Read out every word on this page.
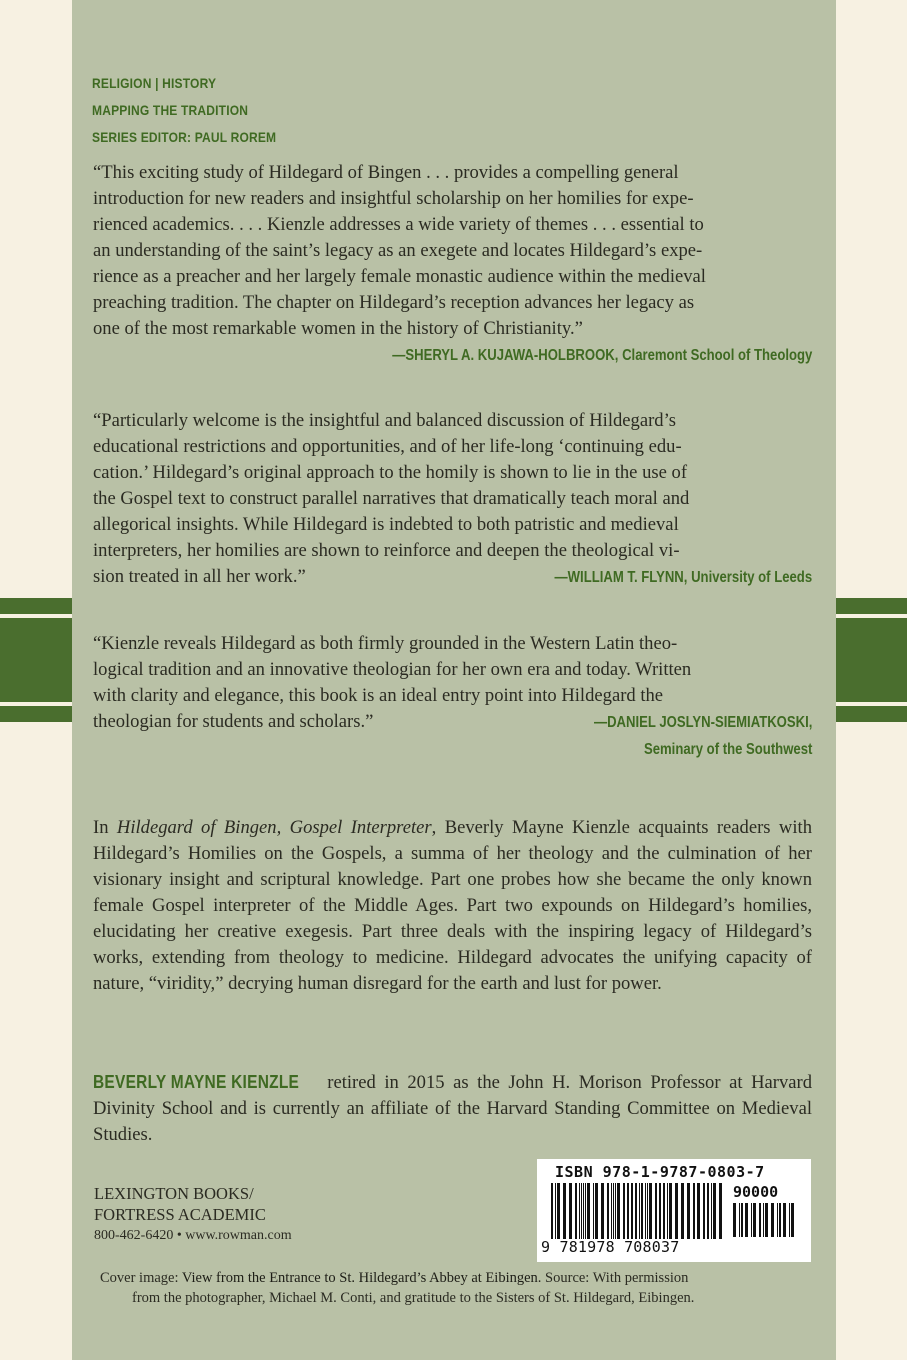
RELIGION | HISTORY
MAPPING THE TRADITION
SERIES EDITOR: PAUL ROREM
“This exciting study of Hildegard of Bingen . . . provides a compelling general
introduction for new readers and insightful scholarship on her homilies for expe-
rienced academics. . . . Kienzle addresses a wide variety of themes . . . essential to
an understanding of the saint’s legacy as an exegete and locates Hildegard’s expe-
rience as a preacher and her largely female monastic audience within the medieval
preaching tradition. The chapter on Hildegard’s reception advances her legacy as
one of the most remarkable women in the history of Christianity.”
—SHERYL A. KUJAWA-HOLBROOK, Claremont School of Theology
“Particularly welcome is the insightful and balanced discussion of Hildegard’s
educational restrictions and opportunities, and of her life-long ‘continuing edu-
cation.’ Hildegard’s original approach to the homily is shown to lie in the use of
the Gospel text to construct parallel narratives that dramatically teach moral and
allegorical insights. While Hildegard is indebted to both patristic and medieval
interpreters, her homilies are shown to reinforce and deepen the theological vi-
sion treated in all her work.”	—WILLIAM T. FLYNN, University of Leeds
“Kienzle reveals Hildegard as both firmly grounded in the Western Latin theo-
logical tradition and an innovative theologian for her own era and today. Written
with clarity and elegance, this book is an ideal entry point into Hildegard the
theologian for students and scholars.”	—DANIEL JOSLYN-SIEMIATKOSKI,
Seminary of the Southwest

In Hildegard of Bingen, Gospel Interpreter, Beverly Mayne Kienzle acquaints readers with Hildegard’s Homilies on the Gospels, a summa of her theology and the culmination of her visionary insight and scriptural knowledge. Part one probes how she became the only known female Gospel interpreter of the Middle Ages. Part two expounds on Hildegard’s homilies, elucidating her creative exegesis. Part three deals with the inspiring legacy of Hildegard’s works, extending from theology to medicine. Hildegard advocates the unifying capacity of nature, “viridity,” decrying human disregard for the earth and lust for power.

BEVERLY MAYNE KIENZLE retired in 2015 as the John H. Morison Professor at Harvard Divinity School and is currently an affiliate of the Harvard Standing Committee on Medieval Studies.

LEXINGTON BOOKS/
FORTRESS ACADEMIC
800-462-6420 • www.rowman.com
ISBN 978-1-9787-0803-7
90000
9 781978 708037
Cover image: View from the Entrance to St. Hildegard’s Abbey at Eibingen. Source: With permission
from the photographer, Michael M. Conti, and gratitude to the Sisters of St. Hildegard, Eibingen.
